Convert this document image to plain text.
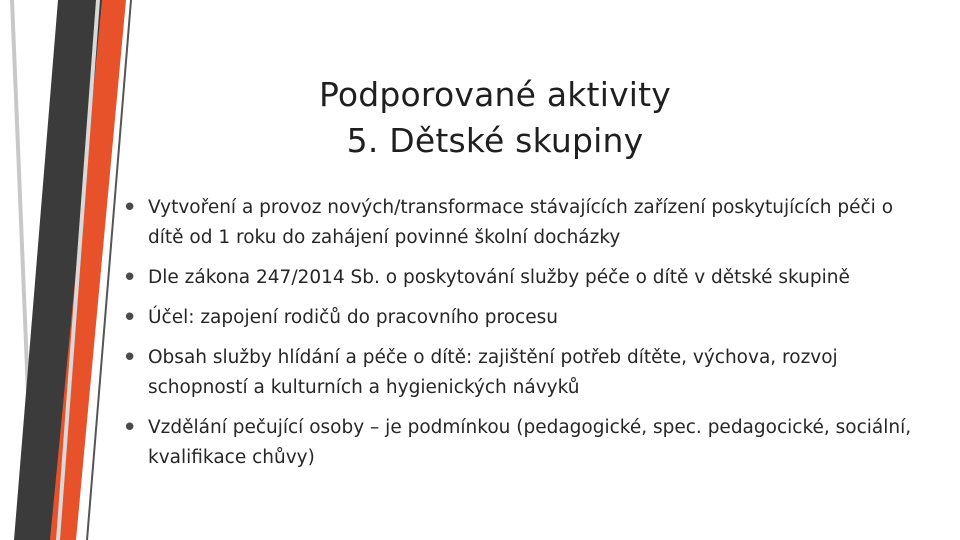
Podporované aktivity
5. Dětské skupiny
• Vytvoření a provoz nových/transformace stávajících zařízení poskytujících péči o dítě od 1 roku do zahájení povinné školní docházky
• Dle zákona 247/2014 Sb. o poskytování služby péče o dítě v dětské skupině
• Účel: zapojení rodičů do pracovního procesu
• Obsah služby hlídání a péče o dítě: zajištění potřeb dítěte, výchova, rozvoj schopností a kulturních a hygienických návyků
• Vzdělání pečující osoby – je podmínkou (pedagogické, spec. pedagocické, sociální, kvalifikace chůvy)
